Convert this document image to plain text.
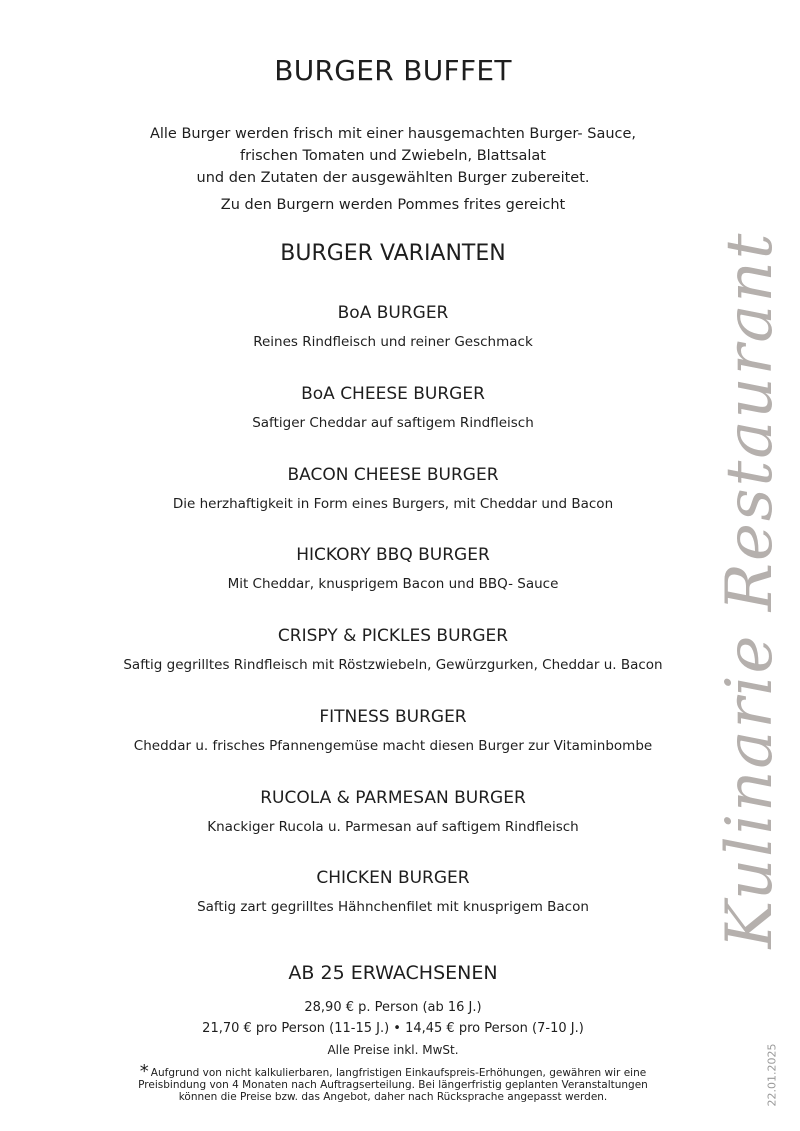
BURGER BUFFET
Alle Burger werden frisch mit einer hausgemachten Burger- Sauce,
frischen Tomaten und Zwiebeln, Blattsalat
und den Zutaten der ausgewählten Burger zubereitet.
Zu den Burgern werden Pommes frites gereicht
BURGER VARIANTEN
BoA BURGER
Reines Rindfleisch und reiner Geschmack
BoA CHEESE BURGER
Saftiger Cheddar auf saftigem Rindfleisch
BACON CHEESE BURGER
Die herzhaftigkeit in Form eines Burgers, mit Cheddar und Bacon
HICKORY BBQ BURGER
Mit Cheddar, knusprigem Bacon und BBQ- Sauce
CRISPY & PICKLES BURGER
Saftig gegrilltes Rindfleisch mit Röstzwiebeln, Gewürzgurken, Cheddar u. Bacon
FITNESS BURGER
Cheddar u. frisches Pfannengemüse macht diesen Burger zur Vitaminbombe
RUCOLA & PARMESAN BURGER
Knackiger Rucola u. Parmesan auf saftigem Rindfleisch
CHICKEN BURGER
Saftig zart gegrilltes Hähnchenfilet mit knusprigem Bacon
AB 25 ERWACHSENEN
28,90 € p. Person (ab 16 J.)
21,70 € pro Person (11-15 J.) • 14,45 € pro Person (7-10 J.)
Alle Preise inkl. MwSt.
* Aufgrund von nicht kalkulierbaren, langfristigen Einkaufspreis-Erhöhungen, gewähren wir eine
Preisbindung von 4 Monaten nach Auftragserteilung. Bei längerfristig geplanten Veranstaltungen
können die Preise bzw. das Angebot, daher nach Rücksprache angepasst werden.
Kulinarie Restaurant
22.01.2025
